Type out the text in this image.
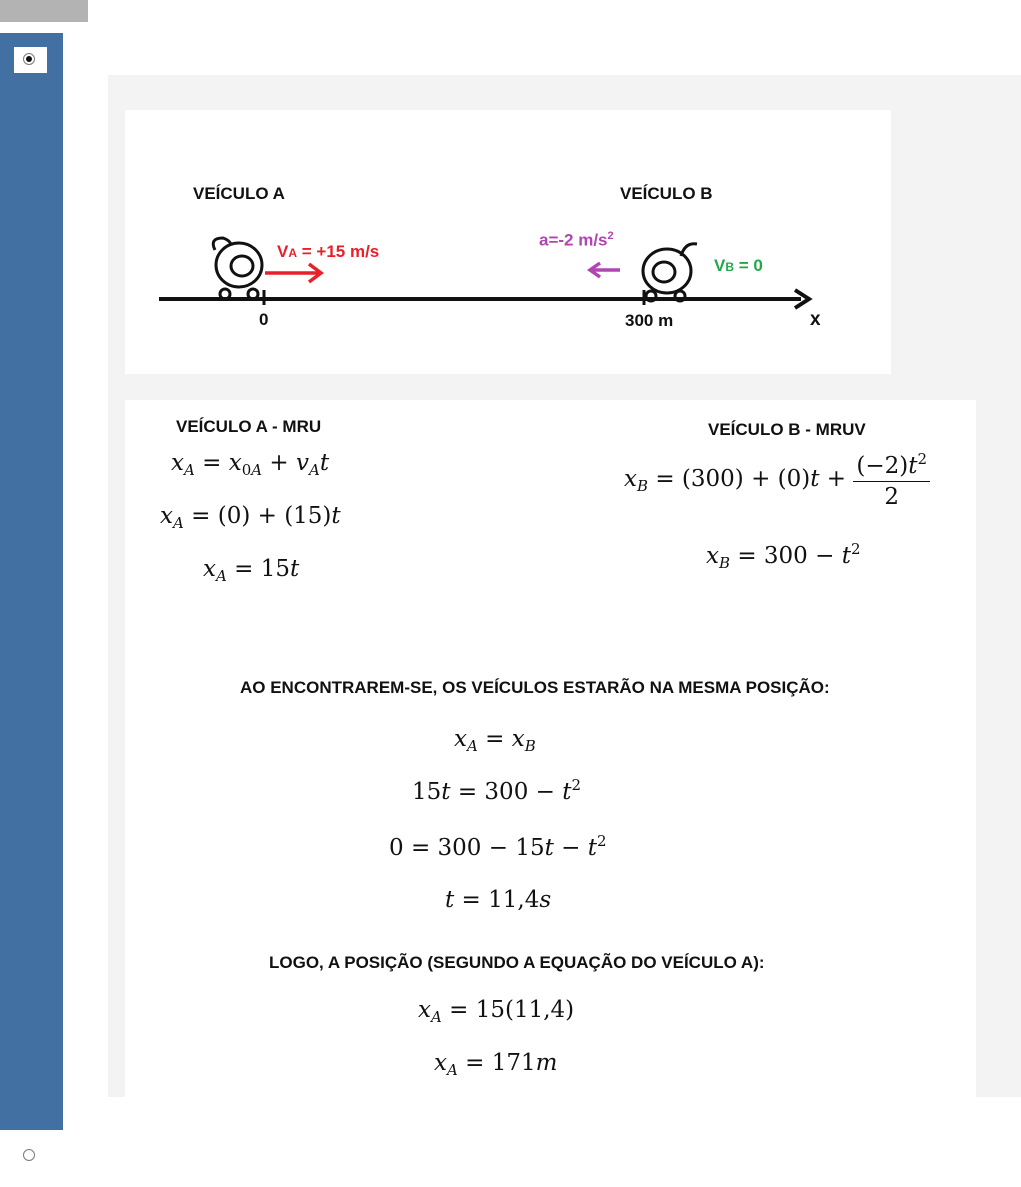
VEÍCULO A	VEÍCULO B
VA = +15 m/s
a=-2 $m/s^2$
VB = 0
0	300 m	x
VEÍCULO A - MRU	VEÍCULO B - MRUV
$x_A = x_{0A} + v_At$
$x_A = (0) + (15)t$
$x_A = 15t$
$x_B = (300) + (0)t + \frac{(-2)t^2}{2}$
$x_B = 300 - t^2$
AO ENCONTRAREM-SE, OS VEÍCULOS ESTARÃO NA MESMA POSIÇÃO:
$x_A = x_B$
$15t = 300 - t^2$
$0 = 300 - 15t - t^2$
t = 11,4s
LOGO, A POSIÇÃO (SEGUNDO A EQUAÇÃO DO VEÍCULO A):
$x_A = 15(11,4)$
$x_A = 171m$
